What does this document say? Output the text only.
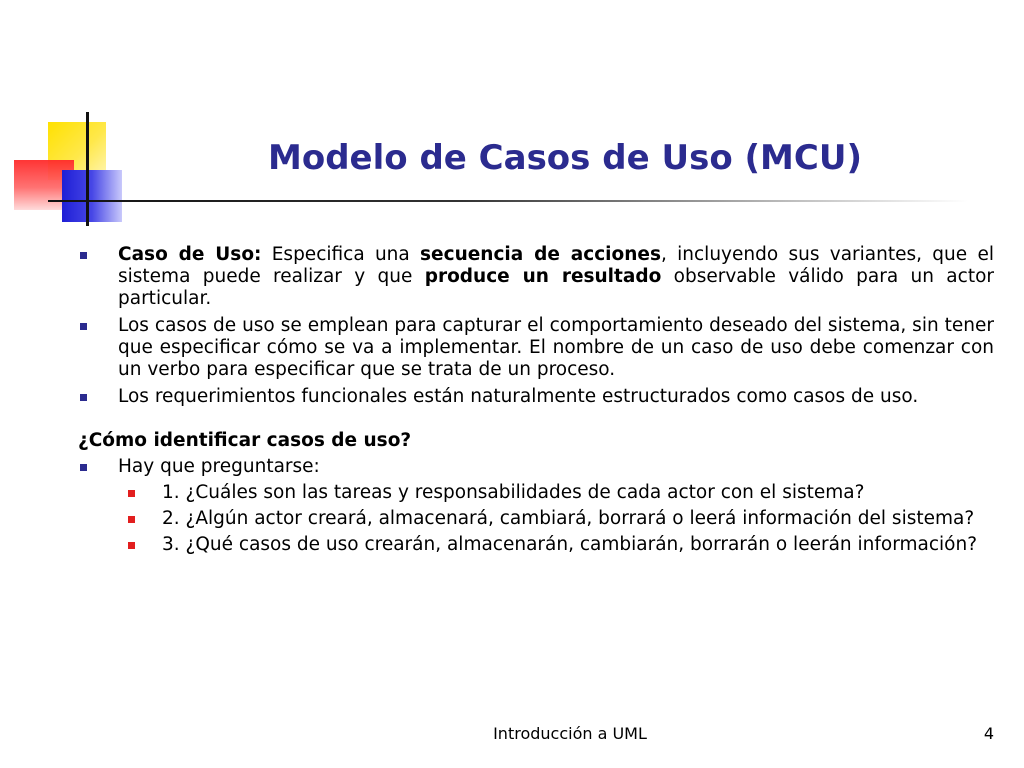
Modelo de Casos de Uso (MCU)
Caso de Uso: Especifica una secuencia de acciones, incluyendo sus variantes, que el sistema puede realizar y que produce un resultado observable válido para un actor particular.
Los casos de uso se emplean para capturar el comportamiento deseado del sistema, sin tener que especificar cómo se va a implementar. El nombre de un caso de uso debe comenzar con un verbo para especificar que se trata de un proceso.
Los requerimientos funcionales están naturalmente estructurados como casos de uso.
¿Cómo identificar casos de uso?
Hay que preguntarse:
1. ¿Cuáles son las tareas y responsabilidades de cada actor con el sistema?
2. ¿Algún actor creará, almacenará, cambiará, borrará o leerá información del sistema?
3. ¿Qué casos de uso crearán, almacenarán, cambiarán, borrarán o leerán información?
Introducción a UML	4
